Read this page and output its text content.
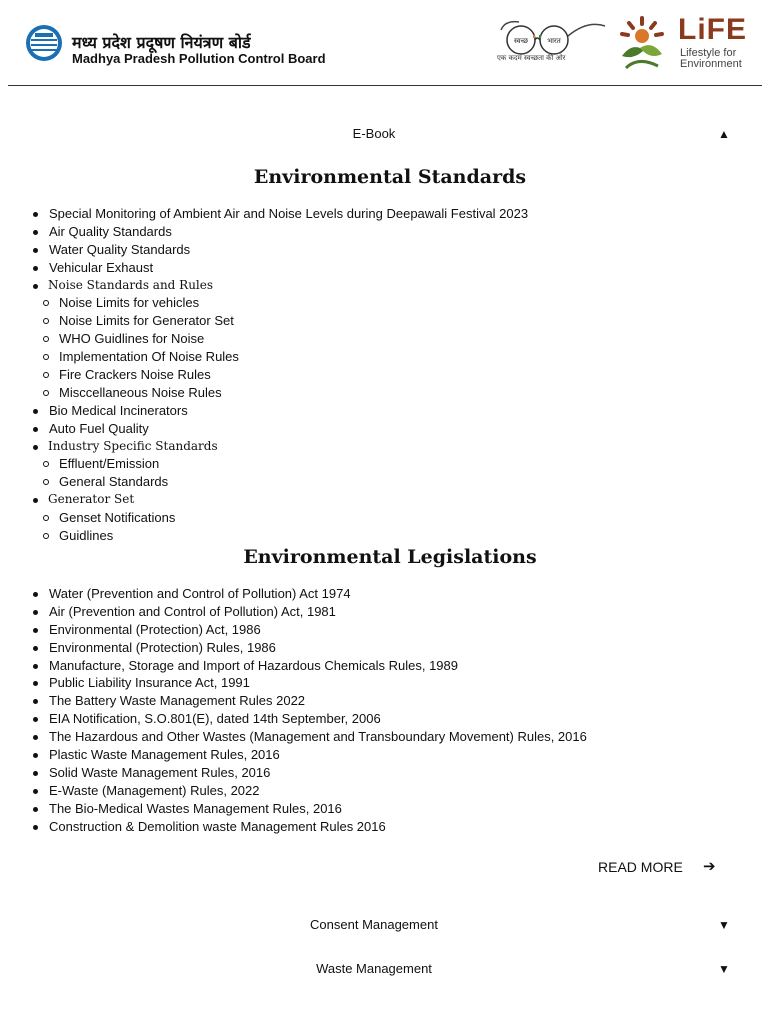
मध्य प्रदेश प्रदूषण नियंत्रण बोर्ड
Madhya Pradesh Pollution Control Board
स्वच्छ	भारत
एक कदम स्वच्छता की ओर
LiFE
Lifestyle for Environment
E-Book	▲
Environmental Standards
Special Monitoring of Ambient Air and Noise Levels during Deepawali Festival 2023
Air Quality Standards
Water Quality Standards
Vehicular Exhaust
Noise Standards and Rules
Noise Limits for vehicles
Noise Limits for Generator Set
WHO Guidlines for Noise
Implementation Of Noise Rules
Fire Crackers Noise Rules
Misccellaneous Noise Rules
Bio Medical Incinerators
Auto Fuel Quality
Industry Specific Standards
Effluent/Emission
General Standards
Generator Set
Genset Notifications
Guidlines
Environmental Legislations
Water (Prevention and Control of Pollution) Act 1974
Air (Prevention and Control of Pollution) Act, 1981
Environmental (Protection) Act, 1986
Environmental (Protection) Rules, 1986
Manufacture, Storage and Import of Hazardous Chemicals Rules, 1989
Public Liability Insurance Act, 1991
The Battery Waste Management Rules 2022
EIA Notification, S.O.801(E), dated 14th September, 2006
The Hazardous and Other Wastes (Management and Transboundary Movement) Rules, 2016
Plastic Waste Management Rules, 2016
Solid Waste Management Rules, 2016
E-Waste (Management) Rules, 2022
The Bio-Medical Wastes Management Rules, 2016
Construction & Demolition waste Management Rules 2016
READ MORE ➔
Consent Management	▼
Waste Management	▼
